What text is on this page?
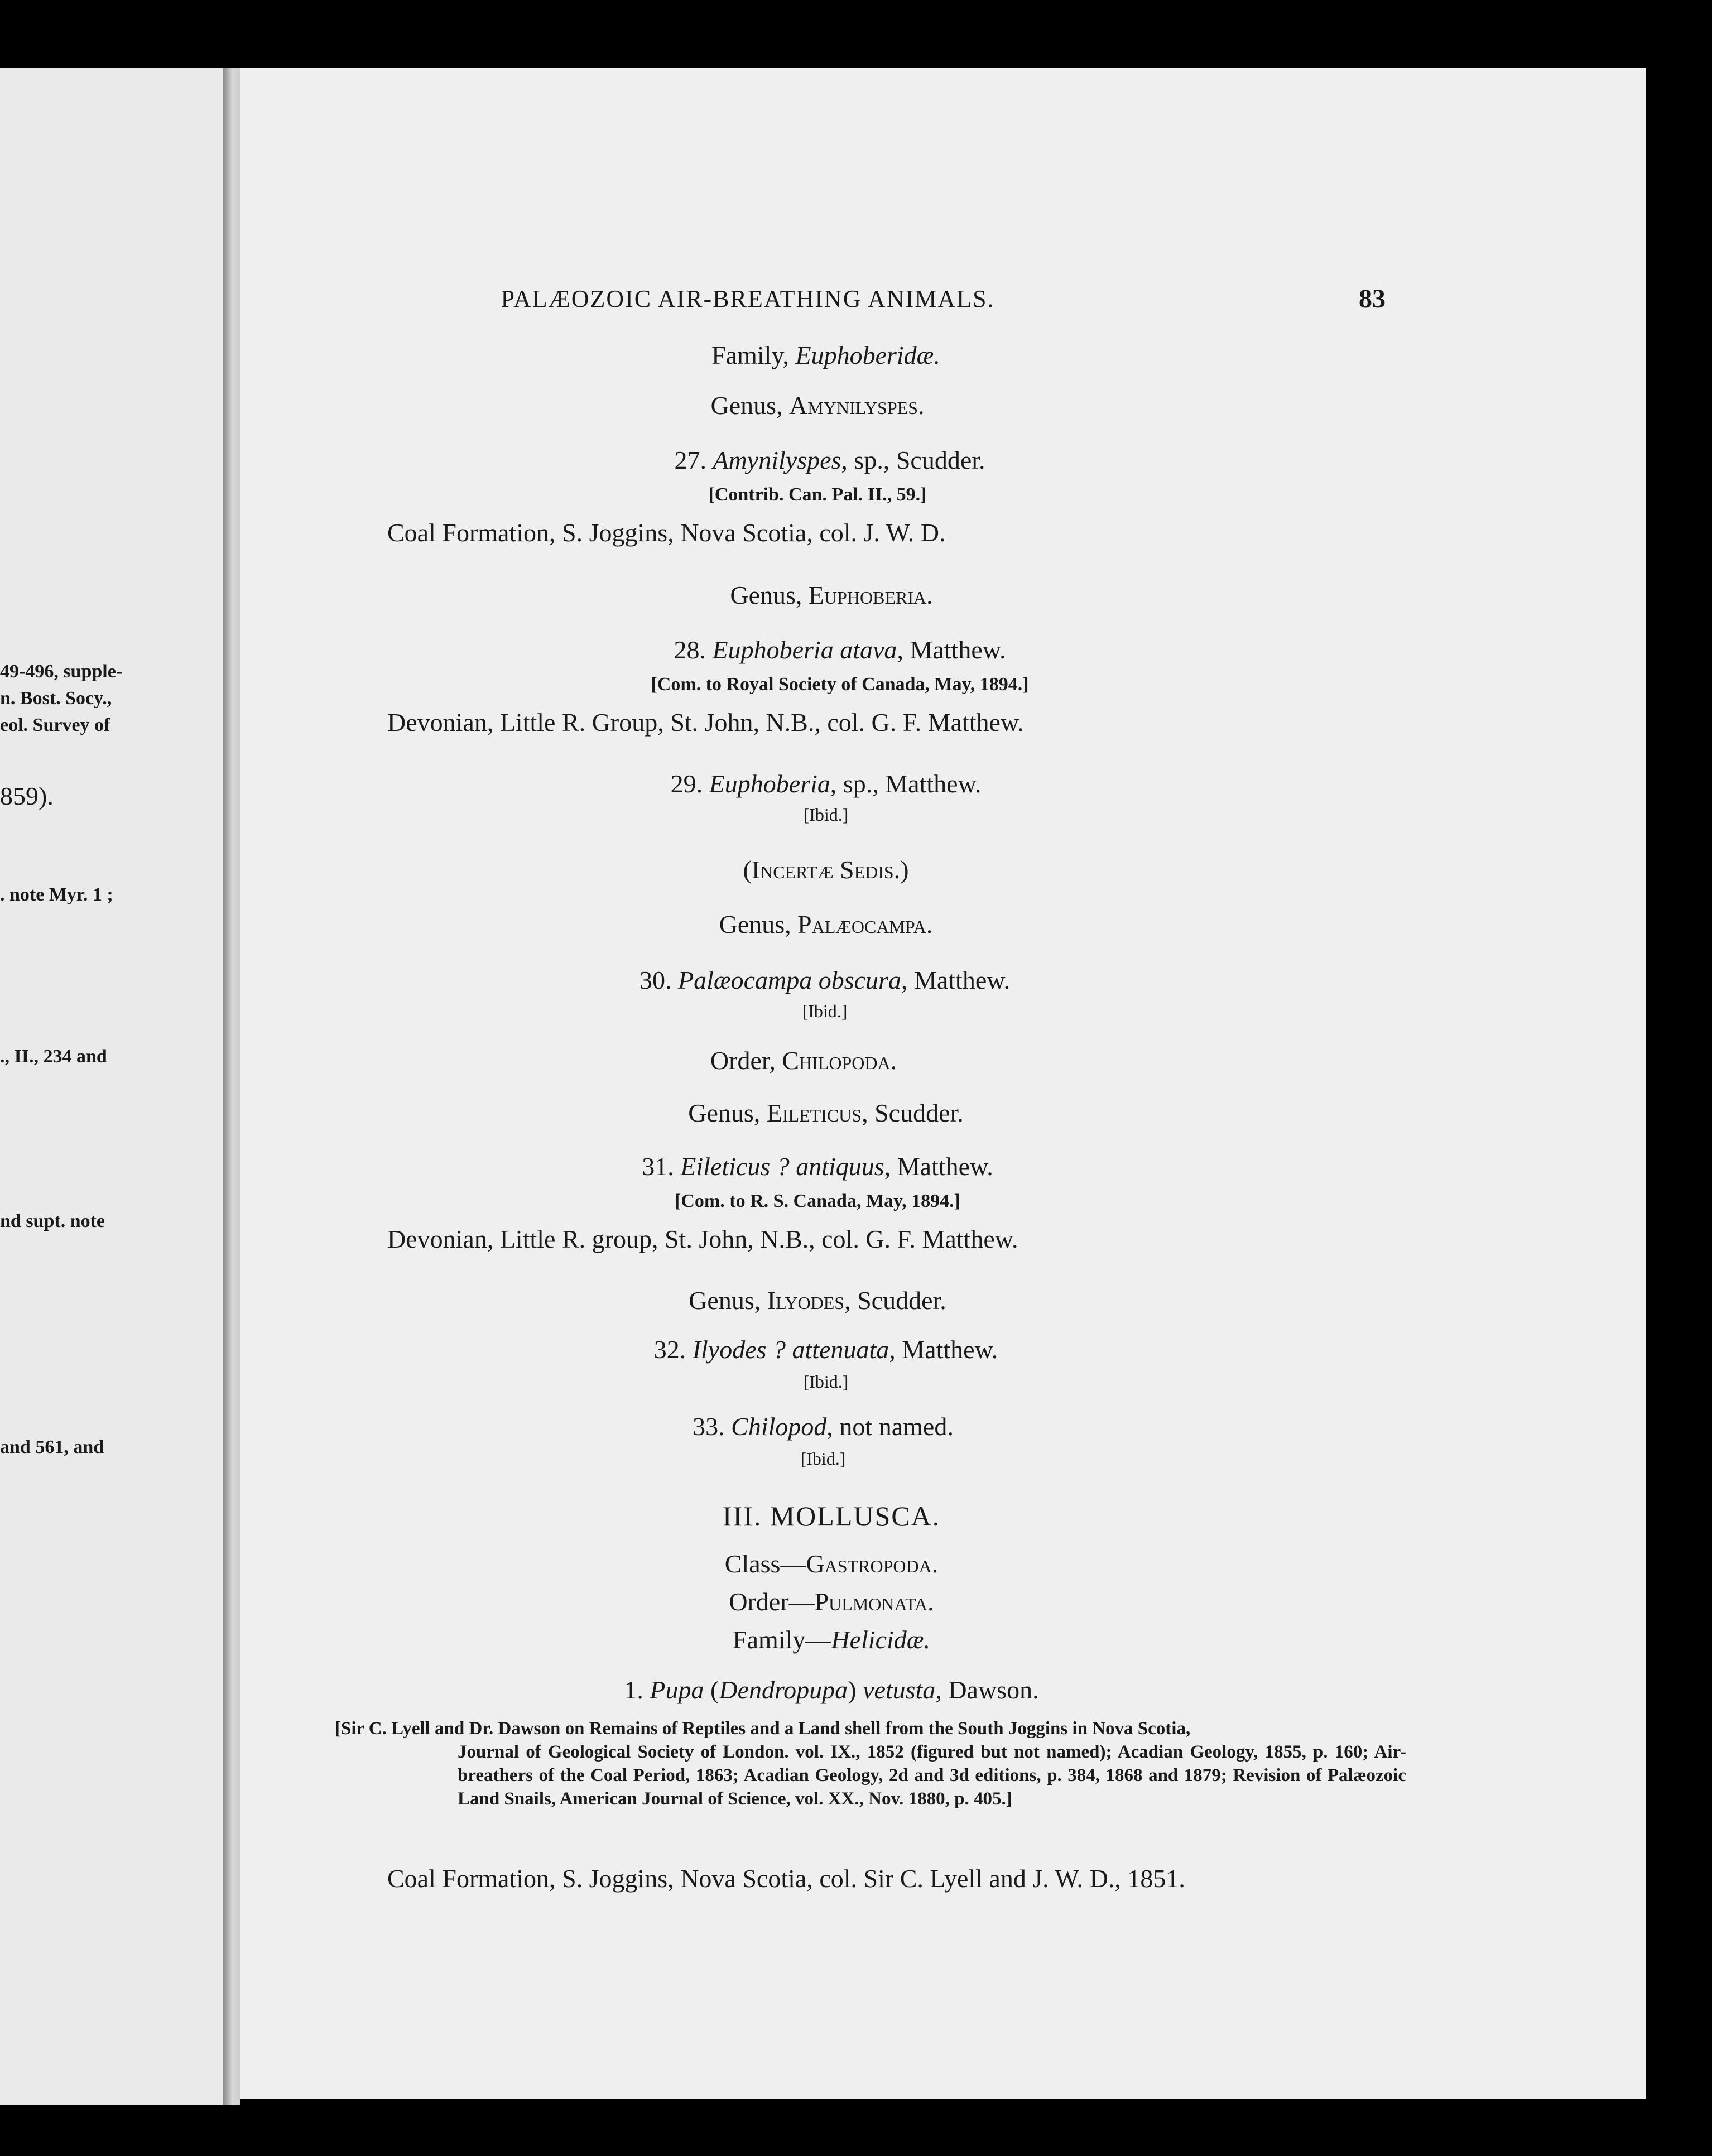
49-496, supple-
n. Bost. Socy.,
eol. Survey of
859).
. note Myr. 1 ;
., II., 234 and
nd supt. note
and 561, and
PALÆOZOIC AIR-BREATHING ANIMALS.	83
Family, Euphoberidæ.
Genus, Amynilyspes.
27. Amynilyspes, sp., Scudder.
[Contrib. Can. Pal. II., 59.]
Coal Formation, S. Joggins, Nova Scotia, col. J. W. D.
Genus, Euphoberia.
28. Euphoberia atava, Matthew.
[Com. to Royal Society of Canada, May, 1894.]
Devonian, Little R. Group, St. John, N.B., col. G. F. Matthew.
29. Euphoberia, sp., Matthew.
[Ibid.]
(Incertæ Sedis.)
Genus, Palæocampa.
30. Palæocampa obscura, Matthew.
[Ibid.]
Order, Chilopoda.
Genus, Eileticus, Scudder.
31. Eileticus ? antiquus, Matthew.
[Com. to R. S. Canada, May, 1894.]
Devonian, Little R. group, St. John, N.B., col. G. F. Matthew.
Genus, Ilyodes, Scudder.
32. Ilyodes ? attenuata, Matthew.
[Ibid.]
33. Chilopod, not named.
[Ibid.]
III. MOLLUSCA.
Class—Gastropoda.
Order—Pulmonata.
Family—Helicidæ.
1. Pupa (Dendropupa) vetusta, Dawson.
[Sir C. Lyell and Dr. Dawson on Remains of Reptiles and a Land shell from the South Joggins in Nova Scotia,
Journal of Geological Society of London. vol. IX., 1852 (figured but not named); Acadian Geology, 1855, p. 160; Air-breathers of the Coal Period, 1863; Acadian Geology, 2d and 3d editions, p. 384, 1868 and 1879; Revision of Palæozoic Land Snails, American Journal of Science, vol. XX., Nov. 1880, p. 405.]
Coal Formation, S. Joggins, Nova Scotia, col. Sir C. Lyell and J. W. D., 1851.
